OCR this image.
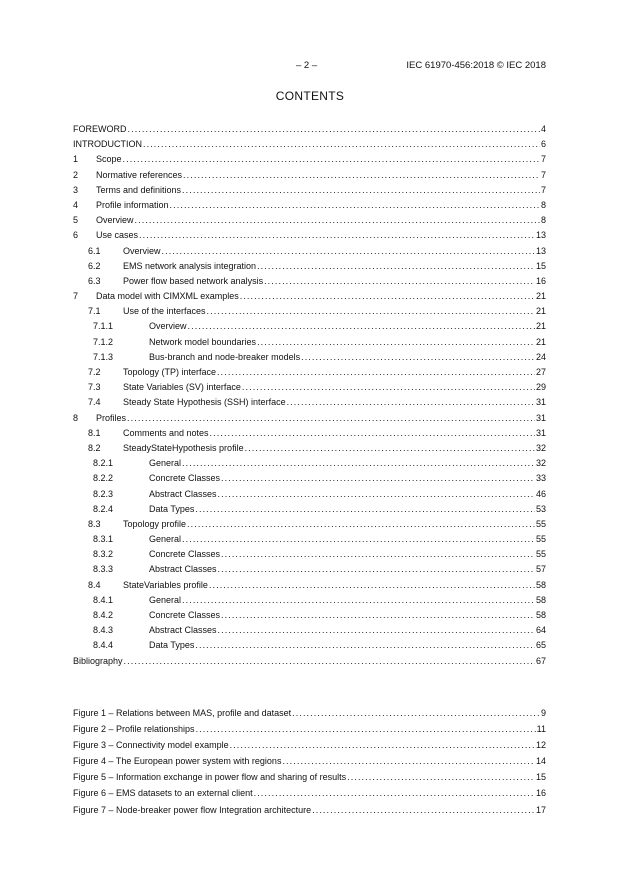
– 2 –	IEC 61970-456:2018 © IEC 2018
CONTENTS
FOREWORD .....	4
INTRODUCTION .....	6
1	Scope .....	7
2	Normative references .....	7
3	Terms and definitions .....	7
4	Profile information .....	8
5	Overview .....	8
6	Use cases .....	13
6.1	Overview .....	13
6.2	EMS network analysis integration .....	15
6.3	Power flow based network analysis .....	16
7	Data model with CIMXML examples .....	21
7.1	Use of the interfaces .....	21
7.1.1	Overview .....	21
7.1.2	Network model boundaries .....	21
7.1.3	Bus-branch and node-breaker models .....	24
7.2	Topology (TP) interface .....	27
7.3	State Variables (SV) interface .....	29
7.4	Steady State Hypothesis (SSH) interface .....	31
8	Profiles .....	31
8.1	Comments and notes .....	31
8.2	SteadyStateHypothesis profile .....	32
8.2.1	General .....	32
8.2.2	Concrete Classes .....	33
8.2.3	Abstract Classes .....	46
8.2.4	Data Types .....	53
8.3	Topology profile .....	55
8.3.1	General .....	55
8.3.2	Concrete Classes .....	55
8.3.3	Abstract Classes .....	57
8.4	StateVariables profile .....	58
8.4.1	General .....	58
8.4.2	Concrete Classes .....	58
8.4.3	Abstract Classes .....	64
8.4.4	Data Types .....	65
Bibliography .....	67
Figure 1 – Relations between MAS, profile and dataset .....	9
Figure 2 – Profile relationships .....	11
Figure 3 – Connectivity model example .....	12
Figure 4 – The European power system with regions .....	14
Figure 5 – Information exchange in power flow and sharing of results .....	15
Figure 6 – EMS datasets to an external client .....	16
Figure 7 – Node-breaker power flow Integration architecture .....	17
